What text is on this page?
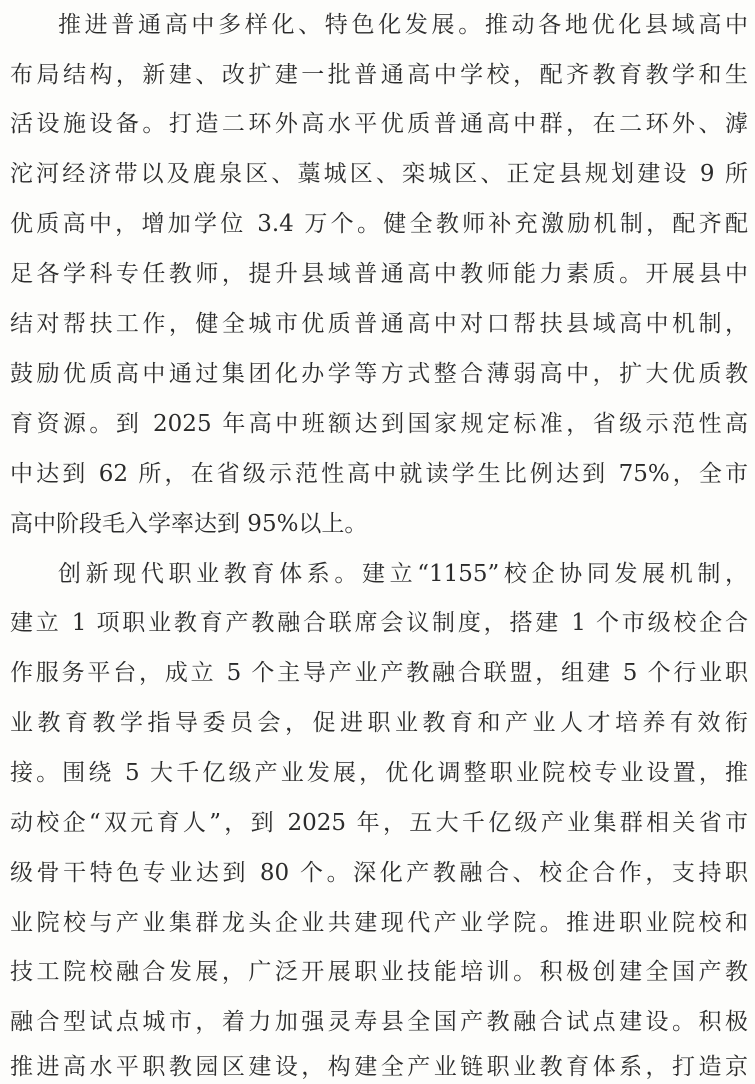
推进普通高中多样化、特色化发展。推动各地优化县域高中
布局结构，新建、改扩建一批普通高中学校，配齐教育教学和生
活设施设备。打造二环外高水平优质普通高中群，在二环外、滹
沱河经济带以及鹿泉区、藁城区、栾城区、正定县规划建设 9 所
优质高中，增加学位 3.4 万个。健全教师补充激励机制，配齐配
足各学科专任教师，提升县域普通高中教师能力素质。开展县中
结对帮扶工作，健全城市优质普通高中对口帮扶县域高中机制，
鼓励优质高中通过集团化办学等方式整合薄弱高中，扩大优质教
育资源。到 2025 年高中班额达到国家规定标准，省级示范性高
中达到 62 所，在省级示范性高中就读学生比例达到 75%，全市
高中阶段毛入学率达到 95%以上。
创新现代职业教育体系。建立“1155”校企协同发展机制，
建立 1 项职业教育产教融合联席会议制度，搭建 1 个市级校企合
作服务平台，成立 5 个主导产业产教融合联盟，组建 5 个行业职
业教育教学指导委员会，促进职业教育和产业人才培养有效衔
接。围绕 5 大千亿级产业发展，优化调整职业院校专业设置，推
动校企“双元育人”，到 2025 年，五大千亿级产业集群相关省市
级骨干特色专业达到 80 个。深化产教融合、校企合作，支持职
业院校与产业集群龙头企业共建现代产业学院。推进职业院校和
技工院校融合发展，广泛开展职业技能培训。积极创建全国产教
融合型试点城市，着力加强灵寿县全国产教融合试点建设。积极
推进高水平职教园区建设，构建全产业链职业教育体系，打造京
